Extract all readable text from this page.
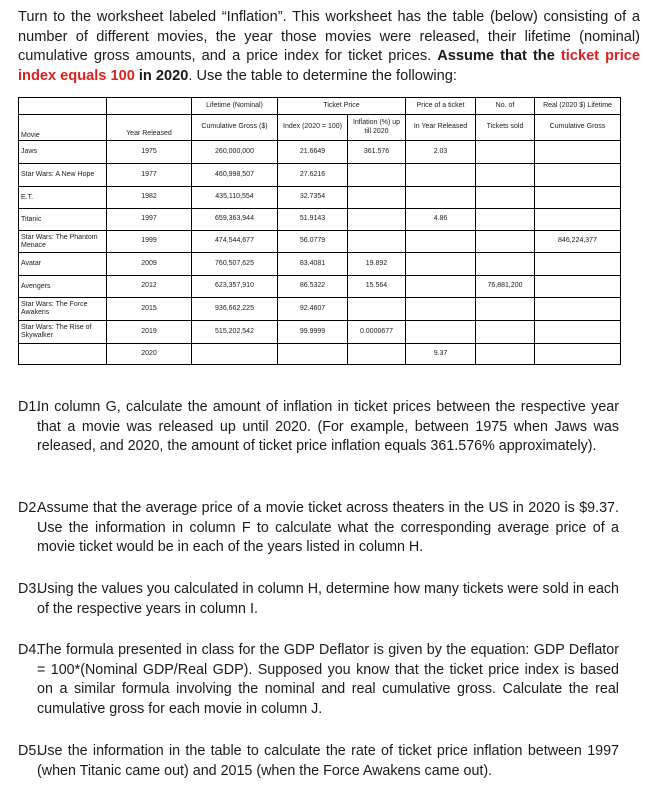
Turn to the worksheet labeled “Inflation”. This worksheet has the table (below) consisting of a number of different movies, the year those movies were released, their lifetime (nominal) cumulative gross amounts, and a price index for ticket prices. Assume that the ticket price index equals 100 in 2020. Use the table to determine the following:

		Lifetime (Nominal)	Ticket Price		Price of a ticket	No. of	Real (2020 $) Lifetime
Movie	Year Released	Cumulative Gross ($)	Index (2020 = 100)	Inflation (%) up till 2020	In Year Released	Tickets sold	Cumulative Gross

Jaws	1975	260,000,000	21.6649	361.576	2.03		
Star Wars: A New Hope	1977	460,998,507	27.6216				
E.T.	1982	435,110,554	32.7354				
Titanic	1997	659,363,944	51.9143		4.86		
Star Wars: The Phantom Menace	1999	474,544,677	56.0779				846,224,377
Avatar	2009	760,507,625	83.4081	19.892			
Avengers	2012	623,357,910	86.5322	15.564		76,881,200	
Star Wars: The Force Awakens	2015	936,662,225	92.4607				
Star Wars: The Rise of Skywalker	2019	515,202,542	99.9999	0.0000677			
	2020				9.37		
D1.
In column G, calculate the amount of inflation in ticket prices between the respective year that a movie was released up until 2020. (For example, between 1975 when Jaws was released, and 2020, the amount of ticket price inflation equals 361.576% approximately).
D2.
Assume that the average price of a movie ticket across theaters in the US in 2020 is $9.37. Use the information in column F to calculate what the corresponding average price of a movie ticket would be in each of the years listed in column H.
D3.
Using the values you calculated in column H, determine how many tickets were sold in each of the respective years in column I.
D4.
The formula presented in class for the GDP Deflator is given by the equation: GDP Deflator = 100*(Nominal GDP/Real GDP). Supposed you know that the ticket price index is based on a similar formula involving the nominal and real cumulative gross. Calculate the real cumulative gross for each movie in column J.
D5.
Use the information in the table to calculate the rate of ticket price inflation between 1997 (when Titanic came out) and 2015 (when the Force Awakens came out).
